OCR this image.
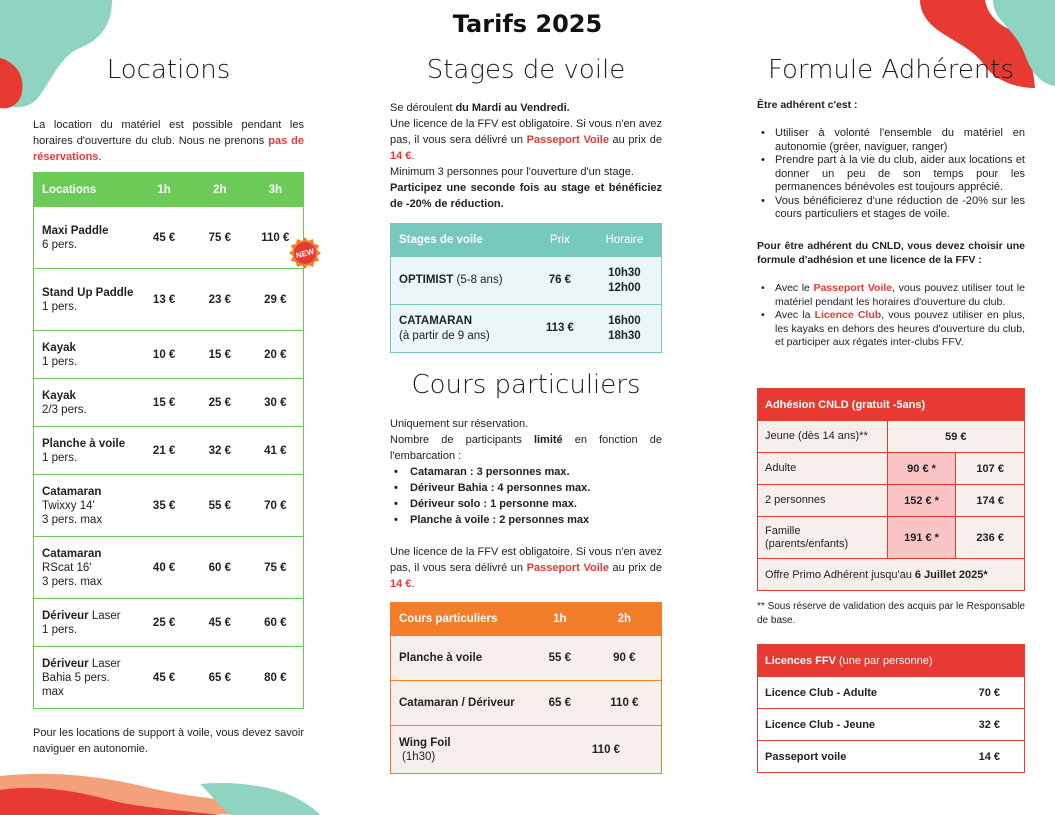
Tarifs 2025
Locations

La location du matériel est possible pendant les horaires d'ouverture du club. Nous ne prenons pas de réservations.

Locations	1h	2h	3h
Maxi Paddle
6 pers.	45 €	75 €	110 €
Stand Up Paddle
1 pers.	13 €	23 €	29 €
Kayak
1 pers.	10 €	15 €	20 €
Kayak
2/3 pers.	15 €	25 €	30 €
Planche à voile
1 pers.	21 €	32 €	41 €
Catamaran
Twixxy 14'
3 pers. max	35 €	55 €	70 €
Catamaran
RScat 16'
3 pers. max	40 €	60 €	75 €
Dériveur Laser
1 pers.	25 €	45 €	60 €
Dériveur Laser
Bahia 5 pers.
max	45 €	65 €	80 €

Pour les locations de support à voile, vous devez savoir naviguer en autonomie.

NEW
Stages de voile

Se déroulent du Mardi au Vendredi.

Une licence de la FFV est obligatoire. Si vous n'en avez pas, il vous sera délivré un Passeport Voile au prix de 14 €.

Minimum 3 personnes pour l'ouverture d'un stage.

Participez une seconde fois au stage et bénéficiez de -20% de réduction.

Stages de voile	Prix	Horaire
OPTIMIST (5-8 ans)	76 €	10h30
12h00
CATAMARAN
(à partir de 9 ans)	113 €	16h00
18h30
Cours particuliers

Uniquement sur réservation.

Nombre de participants limité en fonction de l'embarcation :

• Catamaran : 3 personnes max.
• Dériveur Bahia : 4 personnes max.
• Dériveur solo : 1 personne max.
• Planche à voile : 2 personnes max

Une licence de la FFV est obligatoire. Si vous n'en avez pas, il vous sera délivré un Passeport Voile au prix de 14 €.

Cours particuliers	1h	2h
Planche à voile	55 €	90 €
Catamaran / Dériveur	65 €	110 €
Wing Foil
(1h30)	110 €	
Formule Adhérents

Être adhérent c'est :

• Utiliser à volonté l'ensemble du matériel en autonomie (gréer, naviguer, ranger)
• Prendre part à la vie du club, aider aux locations et donner un peu de son temps pour les permanences bénévoles est toujours apprécié.
• Vous bénéficierez d'une réduction de -20% sur les cours particuliers et stages de voile.

Pour être adhérent du CNLD, vous devez choisir une formule d'adhésion et une licence de la FFV :

• Avec le Passeport Voile, vous pouvez utiliser tout le matériel pendant les horaires d'ouverture du club.
• Avec la Licence Club, vous pouvez utiliser en plus, les kayaks en dehors des heures d'ouverture du club, et participer aux régates inter-clubs FFV.
Adhésion CNLD (gratuit -5ans)		
Jeune (dès 14 ans)**	59 €	
Adulte	90 € *	107 €
2 personnes	152 € *	174 €
Famille
(parents/enfants)	191 € *	236 €
Offre Primo Adhérent jusqu'au 6 Juillet 2025*		

** Sous réserve de validation des acquis par le Responsable de base.

Licences FFV (une par personne)	
Licence Club - Adulte	70 €
Licence Club - Jeune	32 €
Passeport voile	14 €
